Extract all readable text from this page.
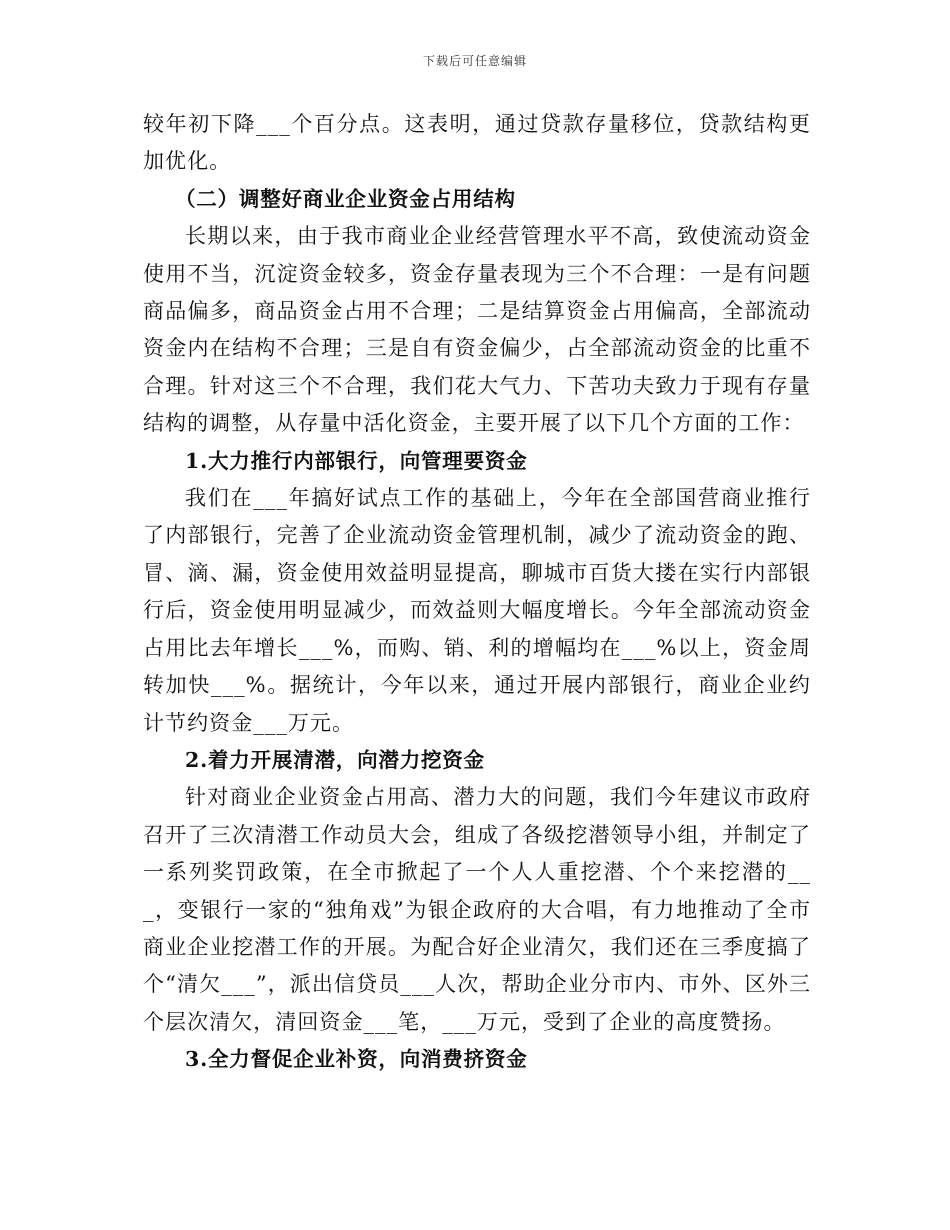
下载后可任意编辑

较年初下降___个百分点。这表明，通过贷款存量移位，贷款结构更加优化。

（二）调整好商业企业资金占用结构

长期以来，由于我市商业企业经营管理水平不高，致使流动资金使用不当，沉淀资金较多，资金存量表现为三个不合理：一是有问题商品偏多，商品资金占用不合理；二是结算资金占用偏高，全部流动资金内在结构不合理；三是自有资金偏少，占全部流动资金的比重不合理。针对这三个不合理，我们花大气力、下苦功夫致力于现有存量结构的调整，从存量中活化资金，主要开展了以下几个方面的工作：

1.大力推行内部银行，向管理要资金

我们在___年搞好试点工作的基础上，今年在全部国营商业推行了内部银行，完善了企业流动资金管理机制，减少了流动资金的跑、冒、滴、漏，资金使用效益明显提高，聊城市百货大搂在实行内部银行后，资金使用明显减少，而效益则大幅度增长。今年全部流动资金占用比去年增长___%，而购、销、利的增幅均在___%以上，资金周转加快___%。据统计，今年以来，通过开展内部银行，商业企业约计节约资金___万元。

2.着力开展清潜，向潜力挖资金

针对商业企业资金占用高、潜力大的问题，我们今年建议市政府召开了三次清潜工作动员大会，组成了各级挖潜领导小组，并制定了一系列奖罚政策，在全市掀起了一个人人重挖潜、个个来挖潜的___，变银行一家的“独角戏”为银企政府的大合唱，有力地推动了全市商业企业挖潜工作的开展。为配合好企业清欠，我们还在三季度搞了个“清欠___”，派出信贷员___人次，帮助企业分市内、市外、区外三个层次清欠，清回资金___笔，___万元，受到了企业的高度赞扬。

3.全力督促企业补资，向消费挤资金
